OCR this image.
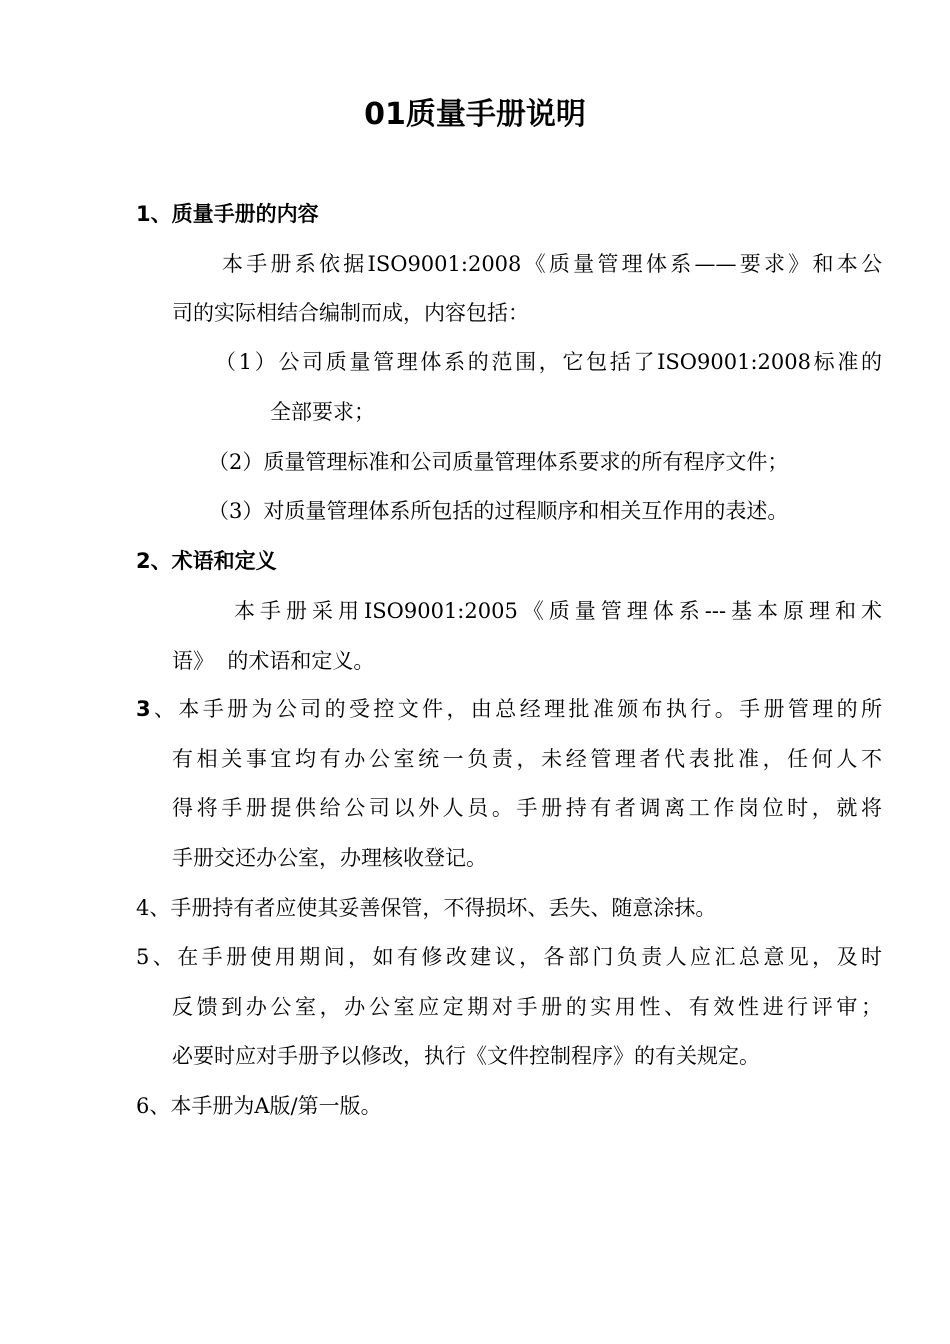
01质量手册说明
1、质量手册的内容
本手册系依据ISO9001:2008《质量管理体系——要求》和本公
司的实际相结合编制而成，内容包括：
（1）公司质量管理体系的范围，它包括了ISO9001:2008标准的
全部要求；
（2）质量管理标准和公司质量管理体系要求的所有程序文件；
（3）对质量管理体系所包括的过程顺序和相关互作用的表述。
2、术语和定义
本手册采用ISO9001:2005《质量管理体系---基本原理和术
语》  的术语和定义。
3、本手册为公司的受控文件，由总经理批准颁布执行。手册管理的所
有相关事宜均有办公室统一负责，未经管理者代表批准，任何人不
得将手册提供给公司以外人员。手册持有者调离工作岗位时，就将
手册交还办公室，办理核收登记。
4、手册持有者应使其妥善保管，不得损坏、丢失、随意涂抹。
5、在手册使用期间，如有修改建议，各部门负责人应汇总意见，及时
反馈到办公室，办公室应定期对手册的实用性、有效性进行评审；
必要时应对手册予以修改，执行《文件控制程序》的有关规定。
6、本手册为A版/第一版。
